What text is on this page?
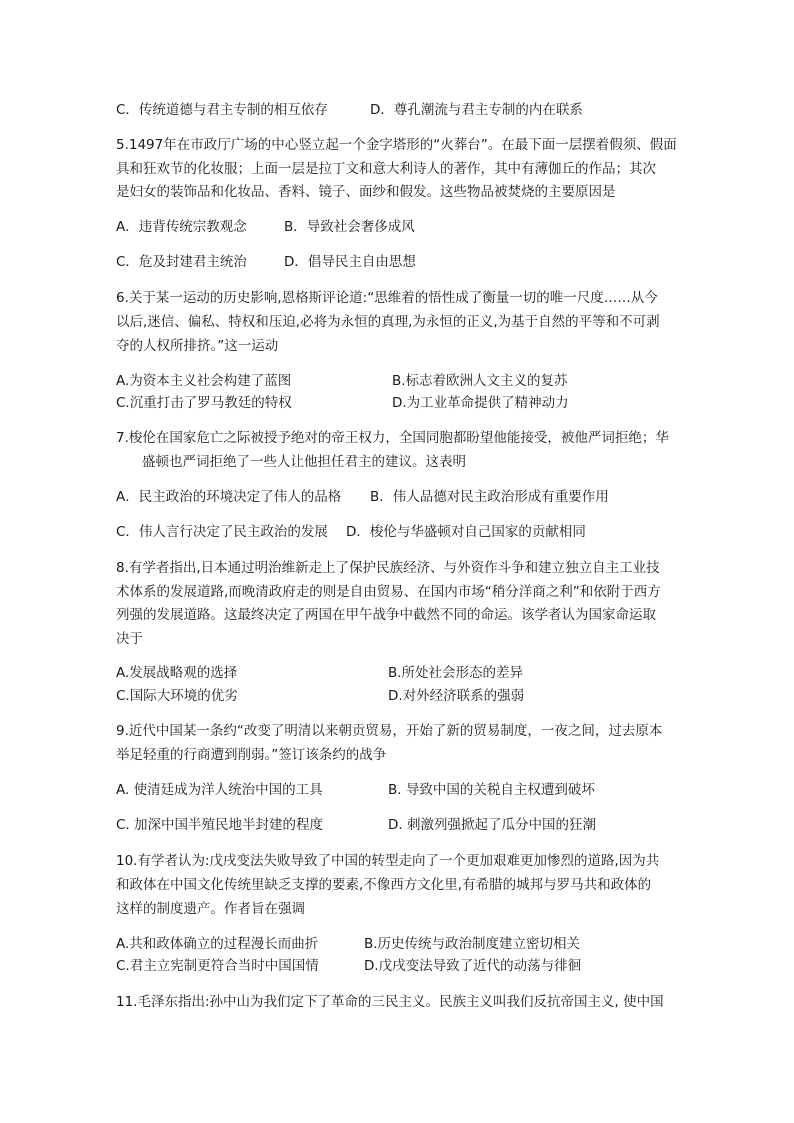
C．传统道德与君主专制的相互依存	D．尊孔潮流与君主专制的内在联系
5.1497年在市政厅广场的中心竖立起一个金字塔形的“火葬台”。在最下面一层摆着假须、假面
具和狂欢节的化妆服；上面一层是拉丁文和意大利诗人的著作，其中有薄伽丘的作品；其次
是妇女的装饰品和化妆品、香料、镜子、面纱和假发。这些物品被焚烧的主要原因是
A．违背传统宗教观念	B．导致社会奢侈成风
C．危及封建君主统治	D．倡导民主自由思想
6.关于某一运动的历史影响,恩格斯评论道:“思维着的悟性成了衡量一切的唯一尺度……从今
以后,迷信、偏私、特权和压迫,必将为永恒的真理,为永恒的正义,为基于自然的平等和不可剥
夺的人权所排挤。”这一运动
A.为资本主义社会构建了蓝图	B.标志着欧洲人文主义的复苏
C.沉重打击了罗马教廷的特权	D.为工业革命提供了精神动力
7.梭伦在国家危亡之际被授予绝对的帝王权力，全国同胞都盼望他能接受，被他严词拒绝；华
盛顿也严词拒绝了一些人让他担任君主的建议。这表明
A．民主政治的环境决定了伟人的品格 B．伟人品德对民主政治形成有重要作用
C．伟人言行决定了民主政治的发展 D．梭伦与华盛顿对自己国家的贡献相同
8.有学者指出,日本通过明治维新走上了保护民族经济、与外资作斗争和建立独立自主工业技
术体系的发展道路,而晚清政府走的则是自由贸易、在国内市场“稍分洋商之利”和依附于西方
列强的发展道路。这最终决定了两国在甲午战争中截然不同的命运。该学者认为国家命运取
决于
A.发展战略观的选择	B.所处社会形态的差异
C.国际大环境的优劣	D.对外经济联系的强弱
9.近代中国某一条约“改变了明清以来朝贡贸易，开始了新的贸易制度，一夜之间，过去原本
举足轻重的行商遭到削弱。”签订该条约的战争
A. 使清廷成为洋人统治中国的工具	B. 导致中国的关税自主权遭到破坏
C. 加深中国半殖民地半封建的程度	D. 刺激列强掀起了瓜分中国的狂潮
10.有学者认为:戊戌变法失败导致了中国的转型走向了一个更加艰难更加惨烈的道路,因为共
和政体在中国文化传统里缺乏支撑的要素,不像西方文化里,有希腊的城邦与罗马共和政体的
这样的制度遗产。作者旨在强调
A.共和政体确立的过程漫长而曲折	B.历史传统与政治制度建立密切相关
C.君主立宪制更符合当时中国国情	D.戊戌变法导致了近代的动荡与徘徊
11.毛泽东指出:孙中山为我们定下了革命的三民主义。民族主义叫我们反抗帝国主义, 使中国
